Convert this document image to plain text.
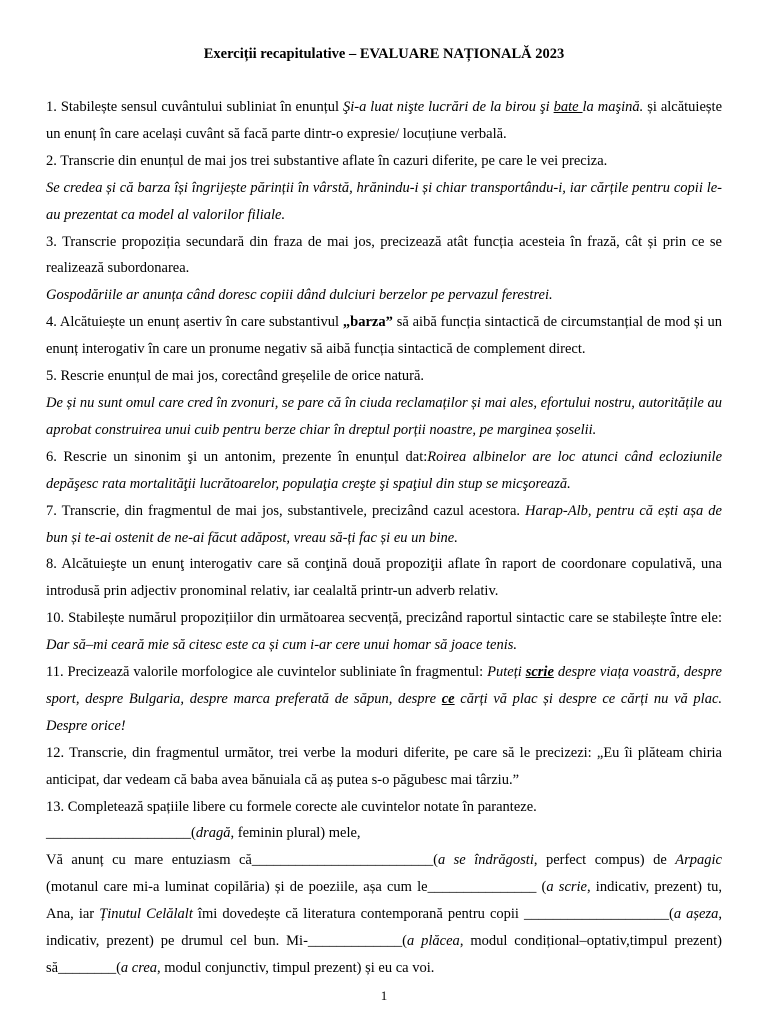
Exerciții recapitulative – EVALUARE NAȚIONALĂ 2023

1. Stabilește sensul cuvântului subliniat în enunțul Şi-a luat nişte lucrări de la birou şi bate la maşină. și alcătuiește un enunț în care același cuvânt să facă parte dintr-o expresie/ locuțiune verbală.

2. Transcrie din enunțul de mai jos trei substantive aflate în cazuri diferite, pe care le vei preciza.

Se credea și că barza își îngrijește părinții în vârstă, hrănindu-i și chiar transportându-i, iar cărțile pentru copii le-au prezentat ca model al valorilor filiale.

3. Transcrie propoziția secundară din fraza de mai jos, precizează atât funcția acesteia în frază, cât și prin ce se realizează subordonarea.

Gospodăriile ar anunța când doresc copiii dând dulciuri berzelor pe pervazul ferestrei.

4. Alcătuiește un enunț asertiv în care substantivul „barza” să aibă funcția sintactică de circumstanțial de mod și un enunț interogativ în care un pronume negativ să aibă funcția sintactică de complement direct.

5. Rescrie enunțul de mai jos, corectând greșelile de orice natură.

De și nu sunt omul care cred în zvonuri, se pare că în ciuda reclamaților și mai ales, efortului nostru, autoritățile au aprobat construirea unui cuib pentru berze chiar în dreptul porții noastre, pe marginea șoselii.

6. Rescrie un sinonim şi un antonim, prezente în enunțul dat:Roirea albinelor are loc atunci când ecloziunile depăşesc rata mortalităţii lucrătoarelor, populaţia creşte şi spaţiul din stup se micşorează.

7. Transcrie, din fragmentul de mai jos, substantivele, precizând cazul acestora. Harap-Alb, pentru că ești așa de bun și te-ai ostenit de ne-ai făcut adăpost, vreau să-ți fac și eu un bine.

8. Alcătuieşte un enunţ interogativ care să conţină două propoziţii aflate în raport de coordonare copulativă, una introdusă prin adjectiv pronominal relativ, iar cealaltă printr-un adverb relativ.

10. Stabilește numărul propozițiilor din următoarea secvență, precizând raportul sintactic care se stabilește între ele: Dar să–mi ceară mie să citesc este ca și cum i-ar cere unui homar să joace tenis.

11. Precizează valorile morfologice ale cuvintelor subliniate în fragmentul: Puteți scrie despre viața voastră, despre sport, despre Bulgaria, despre marca preferată de săpun, despre ce cărți vă plac și despre ce cărți nu vă plac. Despre orice!

12. Transcrie, din fragmentul următor, trei verbe la moduri diferite, pe care să le precizezi: „Eu îi plăteam chiria anticipat, dar vedeam că baba avea bănuiala că aș putea s-o păgubesc mai târziu.”

13. Completează spațiile libere cu formele corecte ale cuvintelor notate în paranteze.

____________________(dragă, feminin plural) mele,

Vă anunț cu mare entuziasm că_________________________(a se îndrăgosti, perfect compus) de Arpagic (motanul care mi-a luminat copilăria) și de poeziile, așa cum le_______________ (a scrie, indicativ, prezent) tu, Ana, iar Ținutul Celălalt îmi dovedește că literatura contemporană pentru copii ____________________(a așeza, indicativ, prezent) pe drumul cel bun. Mi-_____________(a plăcea, modul condițional–optativ,timpul prezent) să________(a crea, modul conjunctiv, timpul prezent) și eu ca voi.

1
